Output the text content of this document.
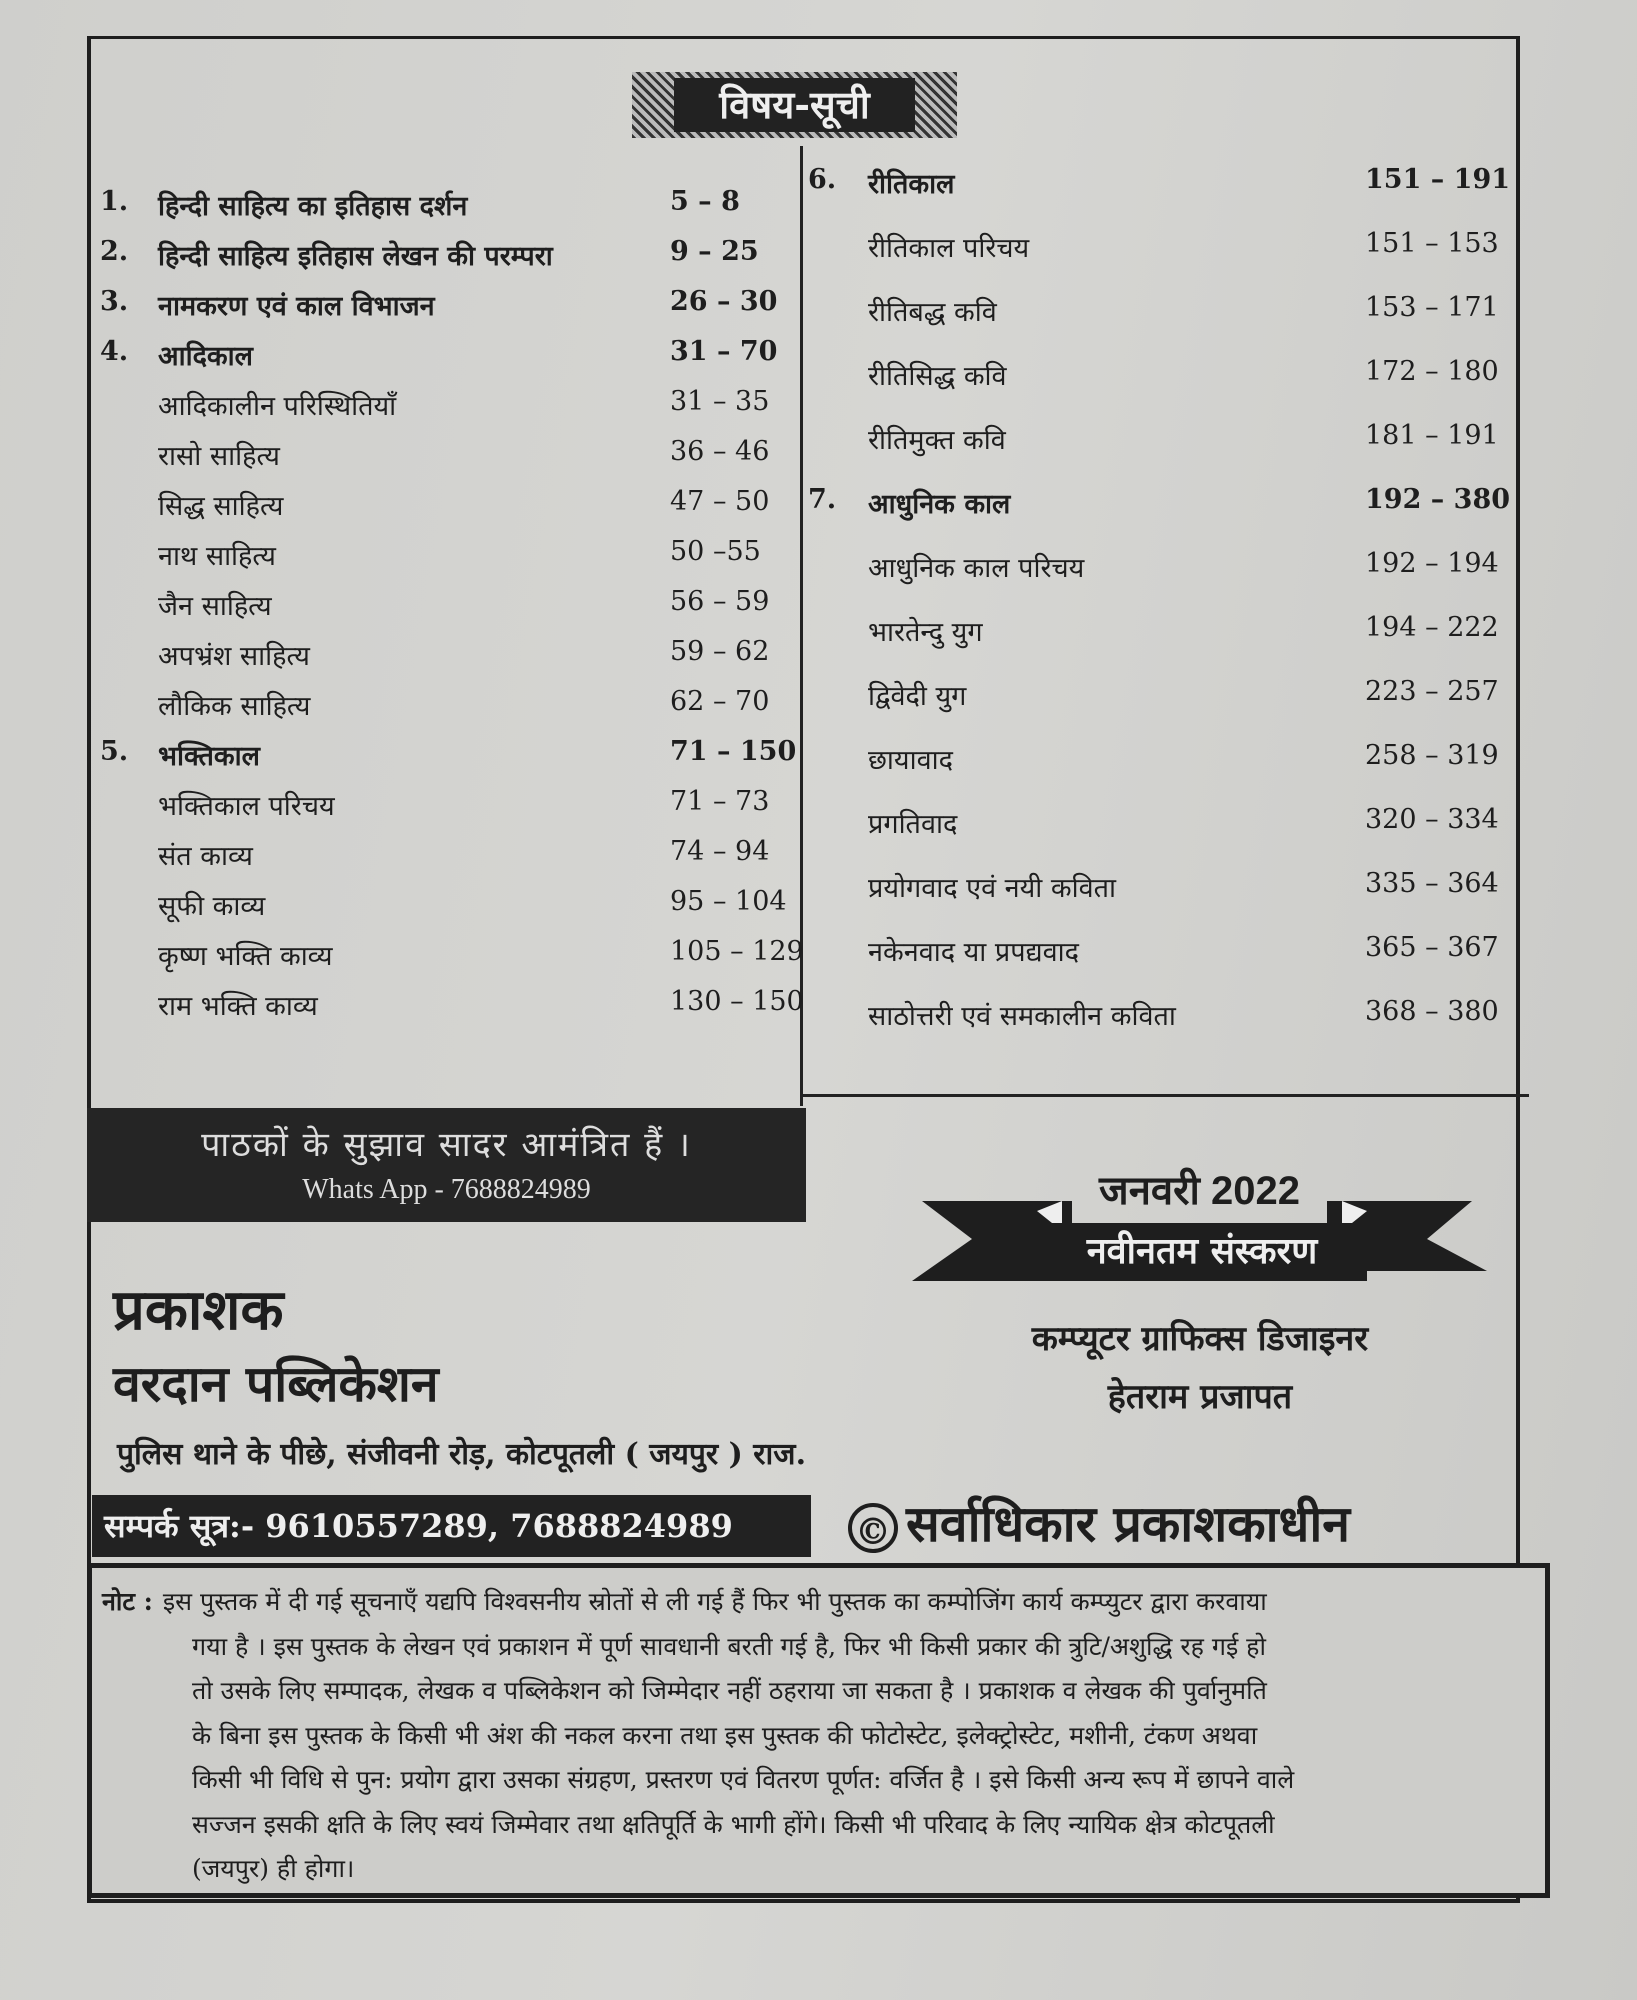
विषय-सूची
1. हिन्दी साहित्य का इतिहास दर्शन	5 – 8
2. हिन्दी साहित्य इतिहास लेखन की परम्परा	9 – 25
3. नामकरण एवं काल विभाजन	26 – 30
4. आदिकाल	31 – 70
आदिकालीन परिस्थितियाँ	31 – 35
रासो साहित्य	36 – 46
सिद्ध साहित्य	47 – 50
नाथ साहित्य	50 –55
जैन साहित्य	56 – 59
अपभ्रंश साहित्य	59 – 62
लौकिक साहित्य	62 – 70
5. भक्तिकाल	71 – 150
भक्तिकाल परिचय	71 – 73
संत काव्य	74 – 94
सूफी काव्य	95 – 104
कृष्ण भक्ति काव्य	105 – 129
राम भक्ति काव्य	130 – 150
6. रीतिकाल	151 – 191
रीतिकाल परिचय	151 – 153
रीतिबद्ध कवि	153 – 171
रीतिसिद्ध कवि	172 – 180
रीतिमुक्त कवि	181 – 191
7. आधुनिक काल	192 – 380
आधुनिक काल परिचय	192 – 194
भारतेन्दु युग	194 – 222
द्विवेदी युग	223 – 257
छायावाद	258 – 319
प्रगतिवाद	320 – 334
प्रयोगवाद एवं नयी कविता	335 – 364
नकेनवाद या प्रपद्यवाद	365 – 367
साठोत्तरी एवं समकालीन कविता	368 – 380
पाठकों के सुझाव सादर आमंत्रित हैं ।
Whats App - 7688824989	जनवरी 2022
नवीनतम संस्करण
प्रकाशक
वरदान पब्लिकेशन
पुलिस थाने के पीछे, संजीवनी रोड़, कोटपूतली ( जयपुर ) राज.
कम्प्यूटर ग्राफिक्स डिजाइनर
हेतराम प्रजापत
सम्पर्क सूत्र:- 9610557289, 7688824989	© सर्वाधिकार प्रकाशकाधीन
नोट : इस पुस्तक में दी गई सूचनाएँ यद्यपि विश्वसनीय स्रोतों से ली गई हैं फिर भी पुस्तक का कम्पोजिंग कार्य कम्प्युटर द्वारा करवाया
गया है । इस पुस्तक के लेखन एवं प्रकाशन में पूर्ण सावधानी बरती गई है, फिर भी किसी प्रकार की त्रुटि/अशुद्धि रह गई हो
तो उसके लिए सम्पादक, लेखक व पब्लिकेशन को जिम्मेदार नहीं ठहराया जा सकता है । प्रकाशक व लेखक की पुर्वानुमति
के बिना इस पुस्तक के किसी भी अंश की नकल करना तथा इस पुस्तक की फोटोस्टेट, इलेक्ट्रोस्टेट, मशीनी, टंकण अथवा
किसी भी विधि से पुन: प्रयोग द्वारा उसका संग्रहण, प्रस्तरण एवं वितरण पूर्णत: वर्जित है । इसे किसी अन्य रूप में छापने वाले
सज्जन इसकी क्षति के लिए स्वयं जिम्मेवार तथा क्षतिपूर्ति के भागी होंगे। किसी भी परिवाद के लिए न्यायिक क्षेत्र कोटपूतली
(जयपुर) ही होगा।
